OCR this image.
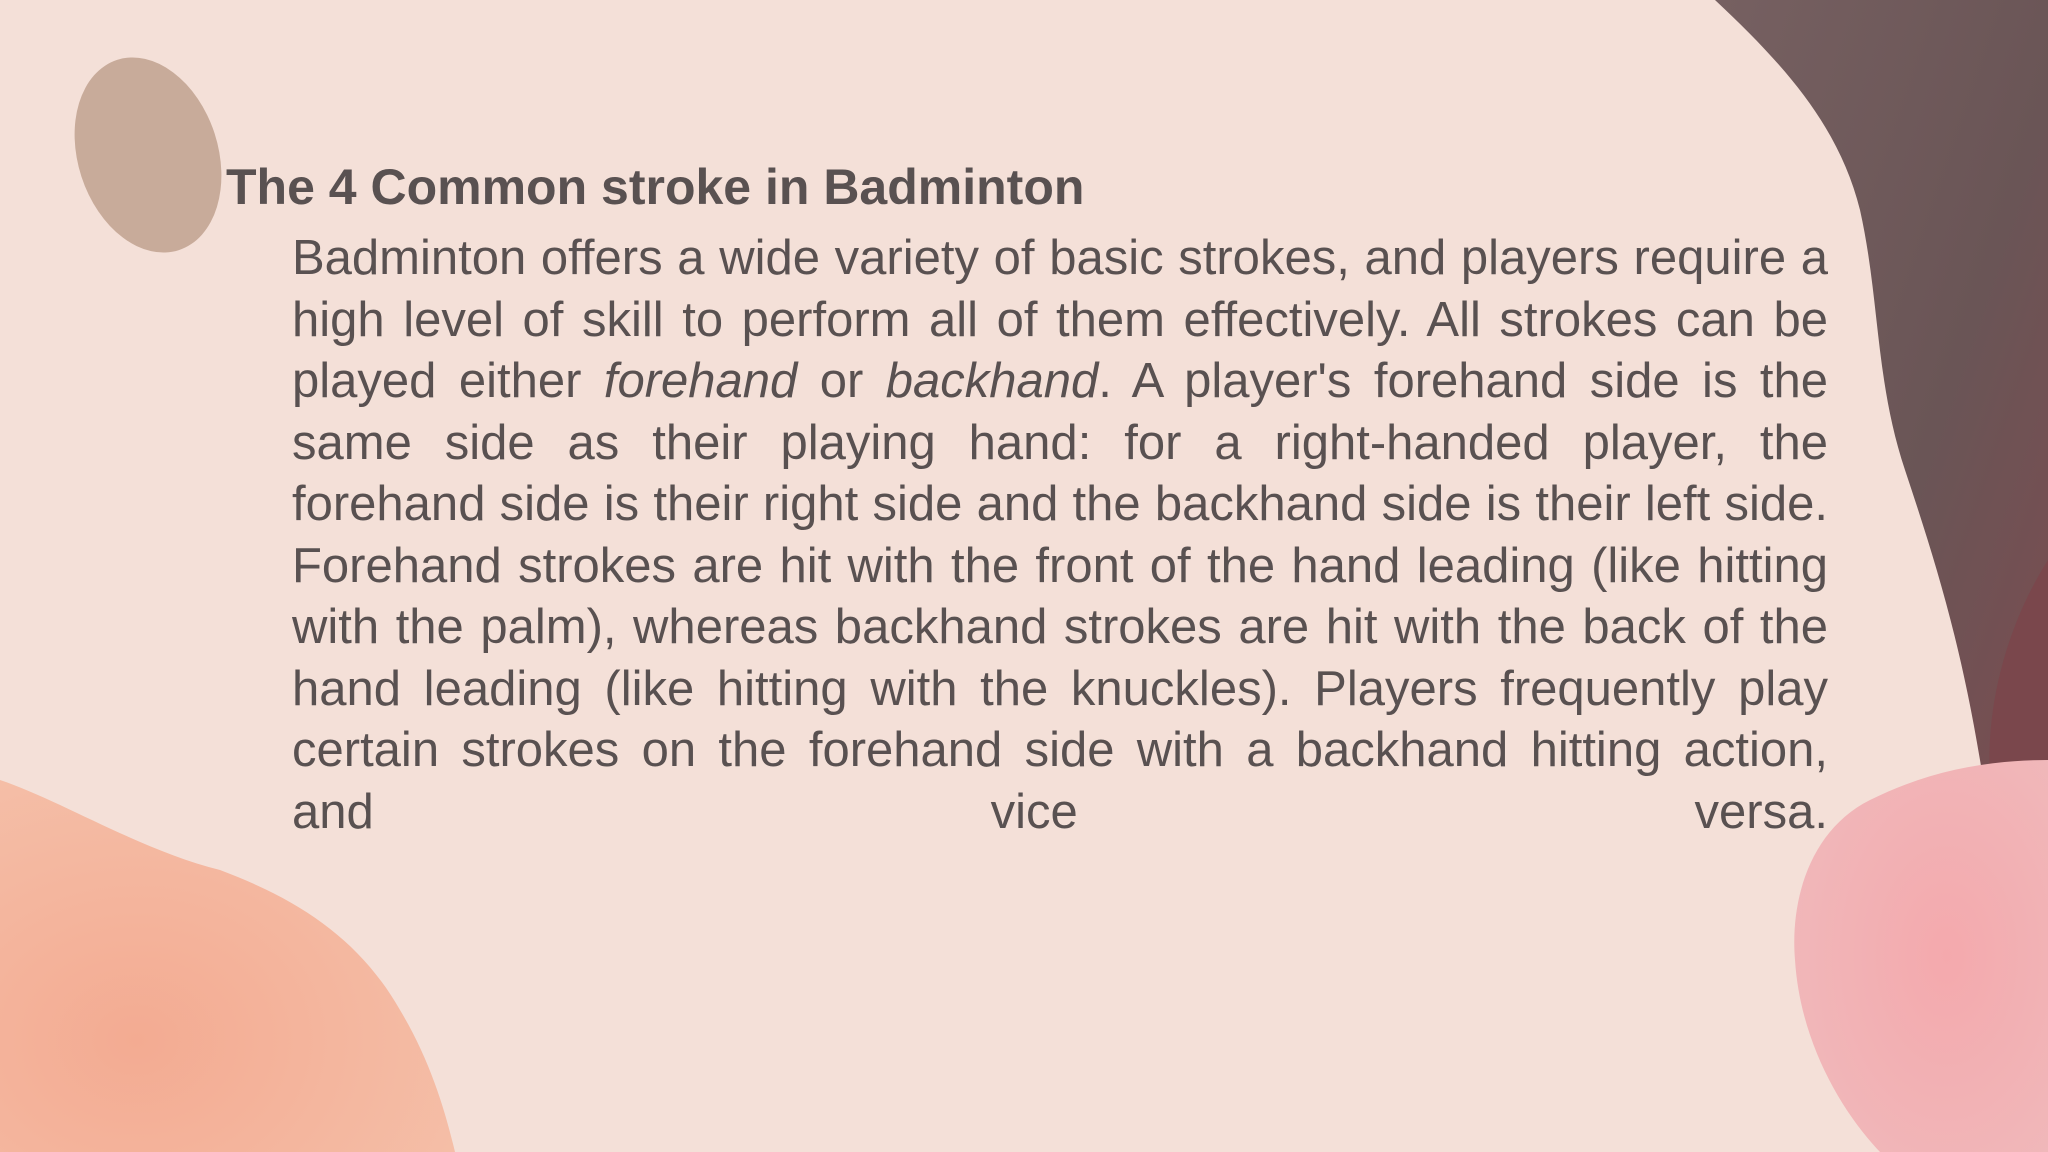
The 4 Common stroke in Badminton

Badminton offers a wide variety of basic strokes, and players require a high level of skill to perform all of them effectively. All strokes can be played either forehand or backhand. A player's forehand side is the same side as their playing hand: for a right-handed player, the forehand side is their right side and the backhand side is their left side. Forehand strokes are hit with the front of the hand leading (like hitting with the palm), whereas backhand strokes are hit with the back of the hand leading (like hitting with the knuckles). Players frequently play certain strokes on the forehand side with a backhand hitting action, and vice versa.
